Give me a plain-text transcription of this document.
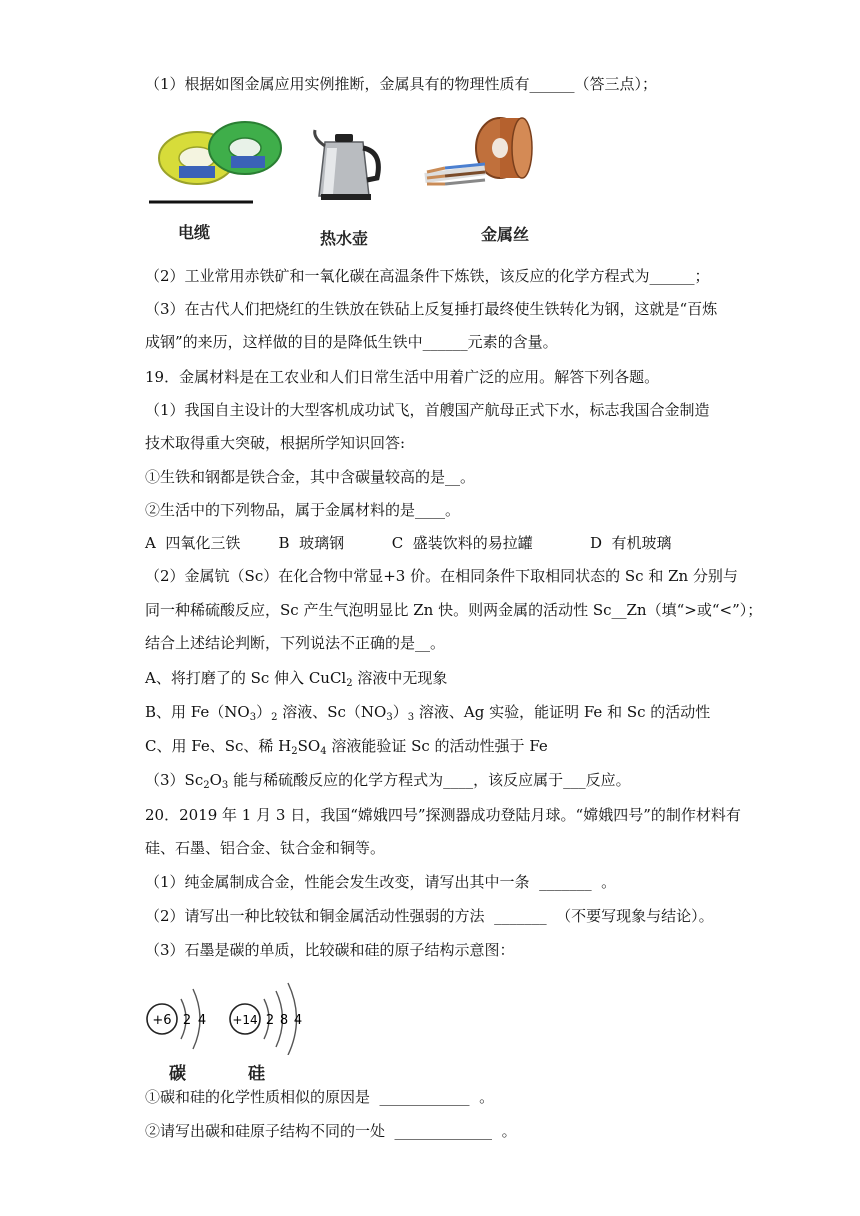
（1）根据如图金属应用实例推断，金属具有的物理性质有______（答三点）；
电缆	热水壶	金属丝
（2）工业常用赤铁矿和一氧化碳在高温条件下炼铁，该反应的化学方程式为______；
（3）在古代人们把烧红的生铁放在铁砧上反复捶打最终使生铁转化为钢，这就是“百炼
成钢”的来历，这样做的目的是降低生铁中______元素的含量。
19．金属材料是在工农业和人们日常生活中用着广泛的应用。解答下列各题。
（1）我国自主设计的大型客机成功试飞，首艘国产航母正式下水，标志我国合金制造
技术取得重大突破，根据所学知识回答:
①生铁和钢都是铁合金，其中含碳量较高的是__。
②生活中的下列物品，属于金属材料的是____。
A  四氧化三铁        B  玻璃钢          C  盛装饮料的易拉罐            D  有机玻璃
（2）金属钪（Sc）在化合物中常显+3 价。在相同条件下取相同状态的 Sc 和 Zn 分别与
同一种稀硫酸反应，Sc 产生气泡明显比 Zn 快。则两金属的活动性 Sc__Zn（填“>或“<”）；
结合上述结论判断，下列说法不正确的是__。
A、将打磨了的 Sc 伸入 CuCl$_2$ 溶液中无现象
B、用 $Fe(NO_3)_2$ 溶液、$Sc(NO_3)_3$ 溶液、Ag 实验，能证明 Fe 和 Sc 的活动性
C、用 Fe、Sc、稀 $H_2SO_4$ 溶液能验证 Sc 的活动性强于 Fe
$(3)Sc_2O_3$ 能与稀硫酸反应的化学方程式为____，该反应属于___反应。
20．2019 年 1 月 3 日，我国“嫦娥四号”探测器成功登陆月球。“嫦娥四号”的制作材料有
硅、石墨、铝合金、钛合金和铜等。
（1）纯金属制成合金，性能会发生改变，请写出其中一条  _______  。
（2）请写出一种比较钛和铜金属活动性强弱的方法  _______  （不要写现象与结论）。
（3）石墨是碳的单质，比较碳和硅的原子结构示意图：
+6 2 4 +14 2 8 4
碳	硅
①碳和硅的化学性质相似的原因是  ____________  。
②请写出碳和硅原子结构不同的一处  _____________  。
